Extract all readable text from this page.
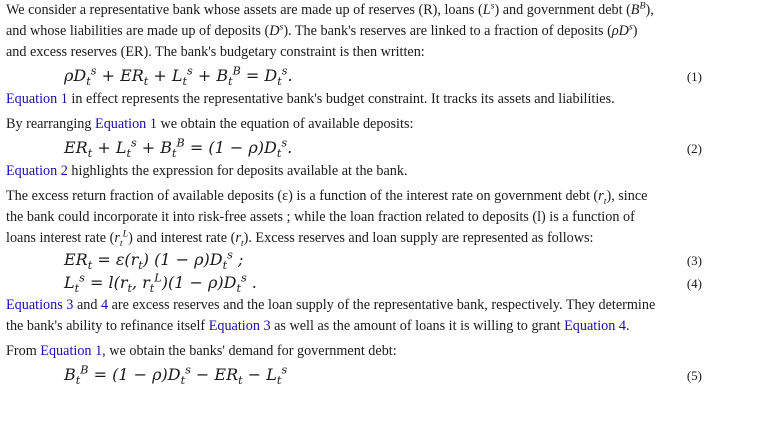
We consider a representative bank whose assets are made up of reserves (R), loans $(L^s)$ and government debt $(B^B)$,
and whose liabilities are made up of deposits $(D^s)$. The bank's reserves are linked to a fraction of deposits $(\rho D^s)$
and excess reserves (ER). The bank's budgetary constraint is then written:

$\rho D_t^s + ER_t + L_t^s + B_t^B = D_t^s$.	(1)

Equation 1 in effect represents the representative bank's budget constraint. It tracks its assets and liabilities.

By rearranging Equation 1 we obtain the equation of available deposits:

$ER_t + L_t^s + B_t^B = (1 - \rho)D_t^s$.	(2)

Equation 2 highlights the expression for deposits available at the bank.

The excess return fraction of available deposits (ε) is a function of the interest rate on government debt $(r_t)$, since
the bank could incorporate it into risk-free assets ; while the loan fraction related to deposits (l) is a function of
loans interest rate $(r_t^L)$ and interest rate $(r_t)$. Excess reserves and loan supply are represented as follows:

$ER_t = \varepsilon(r_t) (1 - \rho)D_t^s$ ;	(3)
$L_t^s = l(r_t$, $r_t^L)(1 - \rho)D_t^s$ .	(4)

Equations 3 and 4 are excess reserves and the loan supply of the representative bank, respectively. They determine
the bank's ability to refinance itself Equation 3 as well as the amount of loans it is willing to grant Equation 4.

From Equation 1, we obtain the banks' demand for government debt:

$B_t^B = (1 - \rho)D_t^s - ER_t - L_t^s$	(5)
